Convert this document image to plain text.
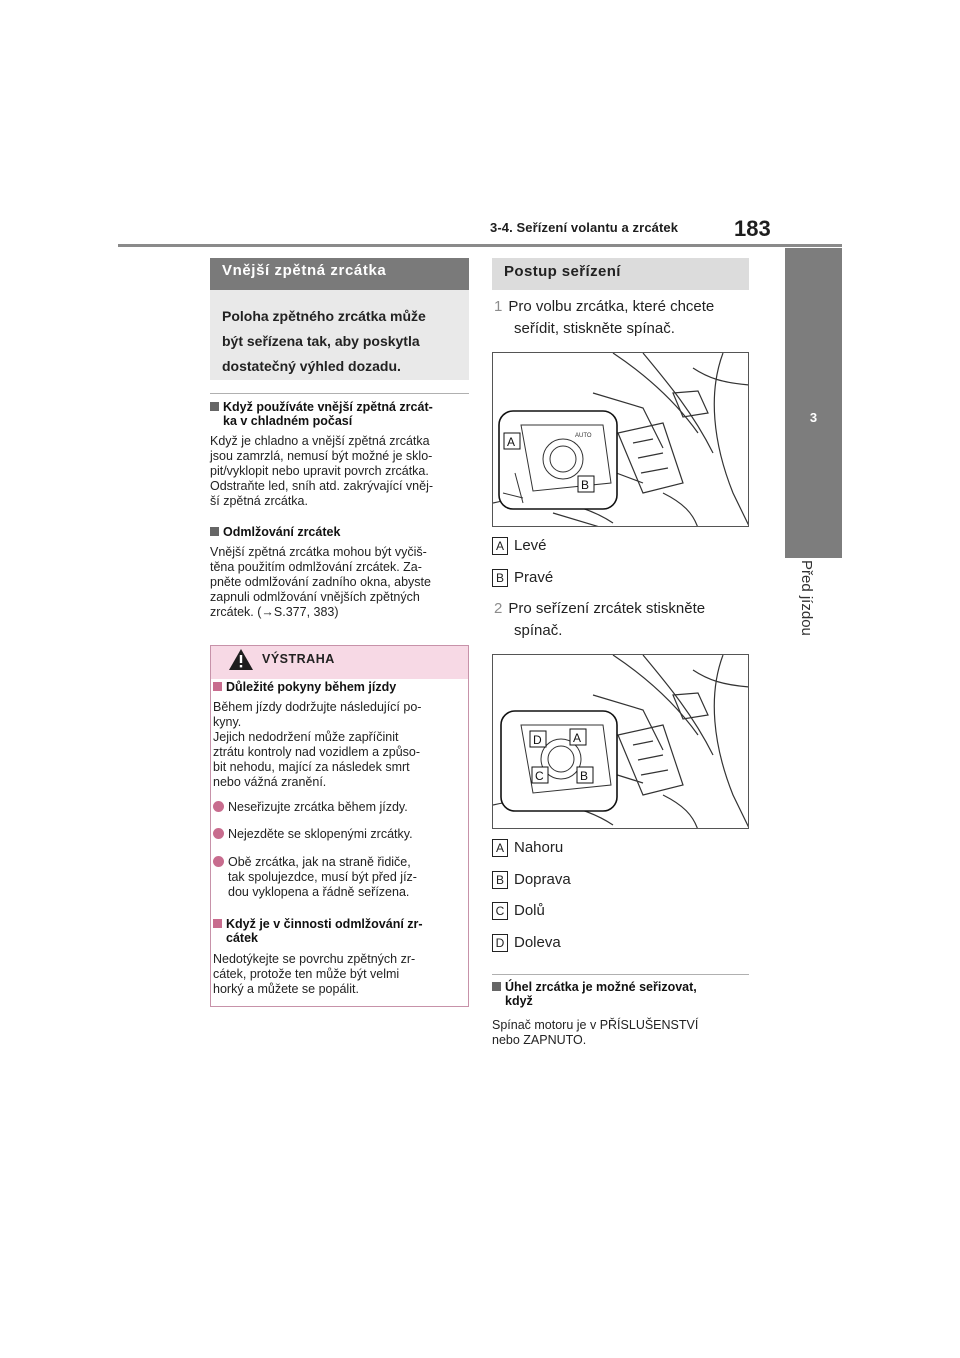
3-4. Seřízení volantu a zrcátek	183
3
Před jízdou
Vnější zpětná zrcátka
Poloha zpětného zrcátka může
být seřízena tak, aby poskytla
dostatečný výhled dozadu.
Když používáte vnější zpětná zrcát-
ka v chladném počasí
Když je chladno a vnější zpětná zrcátka
jsou zamrzlá, nemusí být možné je sklo-
pit/vyklopit nebo upravit povrch zrcátka.
Odstraňte led, sníh atd. zakrývající vněj-
ší zpětná zrcátka.
Odmlžování zrcátek
Vnější zpětná zrcátka mohou být vyčiš-
těna použitím odmlžování zrcátek. Za-
pněte odmlžování zadního okna, abyste
zapnuli odmlžování vnějších zpětných
zrcátek. (→S.377, 383)
VÝSTRAHA
Důležité pokyny během jízdy
Během jízdy dodržujte následující po-
kyny.
Jejich nedodržení může zapříčinit
ztrátu kontroly nad vozidlem a způso-
bit nehodu, mající za následek smrt
nebo vážná zranění.
Neseřizujte zrcátka během jízdy.
Nejezděte se sklopenými zrcátky.
Obě zrcátka, jak na straně řidiče,
tak spolujezdce, musí být před jíz-
dou vyklopena a řádně seřízena.
Když je v činnosti odmlžování zr-
cátek
Nedotýkejte se povrchu zpětných zr-
cátek, protože ten může být velmi
horký a můžete se popálit.
Postup seřízení
1 Pro volbu zrcátka, které chcete
seřídit, stiskněte spínač.
AUTO
A
B
A Levé
B Pravé
2 Pro seřízení zrcátek stiskněte
spínač.
D	A
C	B
A Nahoru
B Doprava
C Dolů
D Doleva
Úhel zrcátka je možné seřizovat,
když
Spínač motoru je v PŘÍSLUŠENSTVÍ
nebo ZAPNUTO.
